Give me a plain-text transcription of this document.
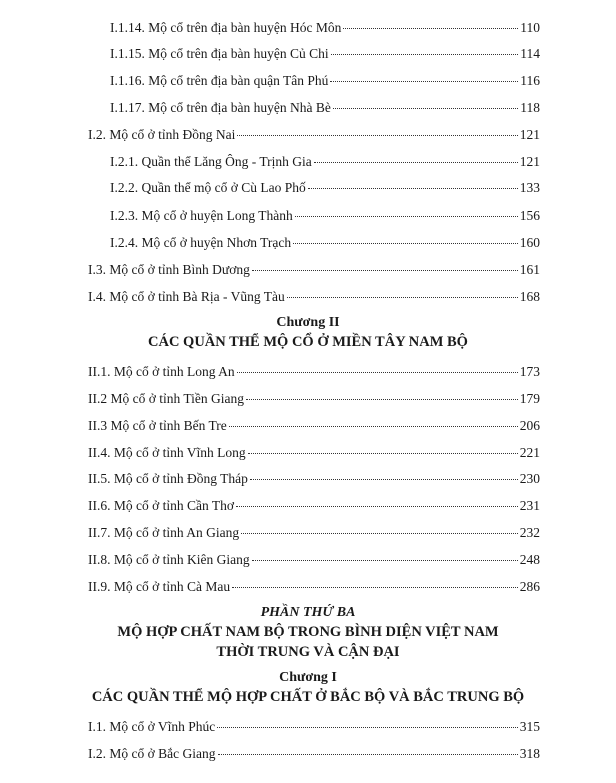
I.1.14. Mộ cổ trên địa bàn huyện Hóc Môn	110
I.1.15. Mộ cổ trên địa bàn huyện Củ Chi	114
I.1.16. Mộ cổ trên địa bàn quận Tân Phú	116
I.1.17. Mộ cổ trên địa bàn huyện Nhà Bè	118
I.2. Mộ cổ ở tỉnh Đồng Nai	121
I.2.1. Quần thể Lăng Ông - Trịnh Gia	121
I.2.2. Quần thể mộ cổ ở Cù Lao Phố	133
I.2.3. Mộ cổ ở huyện Long Thành	156
I.2.4. Mộ cổ ở huyện Nhơn Trạch	160
I.3. Mộ cổ ở tỉnh Bình Dương	161
I.4. Mộ cổ ở tỉnh Bà Rịa - Vũng Tàu	168
Chương II
CÁC QUẦN THỂ MỘ CỔ Ở MIỀN TÂY NAM BỘ
II.1. Mộ cổ ở tỉnh Long An	173
II.2 Mộ cổ ở tỉnh Tiền Giang	179
II.3 Mộ cổ ở tỉnh Bến Tre	206
II.4. Mộ cổ ở tỉnh Vĩnh Long	221
II.5. Mộ cổ ở tỉnh Đồng Tháp	230
II.6. Mộ cổ ở tỉnh Cần Thơ	231
II.7. Mộ cổ ở tỉnh An Giang	232
II.8. Mộ cổ ở tỉnh Kiên Giang	248
II.9. Mộ cổ ở tỉnh Cà Mau	286
PHẦN THỨ BA
MỘ HỢP CHẤT NAM BỘ TRONG BÌNH DIỆN VIỆT NAM
THỜI TRUNG VÀ CẬN ĐẠI
Chương I
CÁC QUẦN THỂ MỘ HỢP CHẤT Ở BẮC BỘ VÀ BẮC TRUNG BỘ
I.1. Mộ cổ ở Vĩnh Phúc	315
I.2. Mộ cổ ở Bắc Giang	318
